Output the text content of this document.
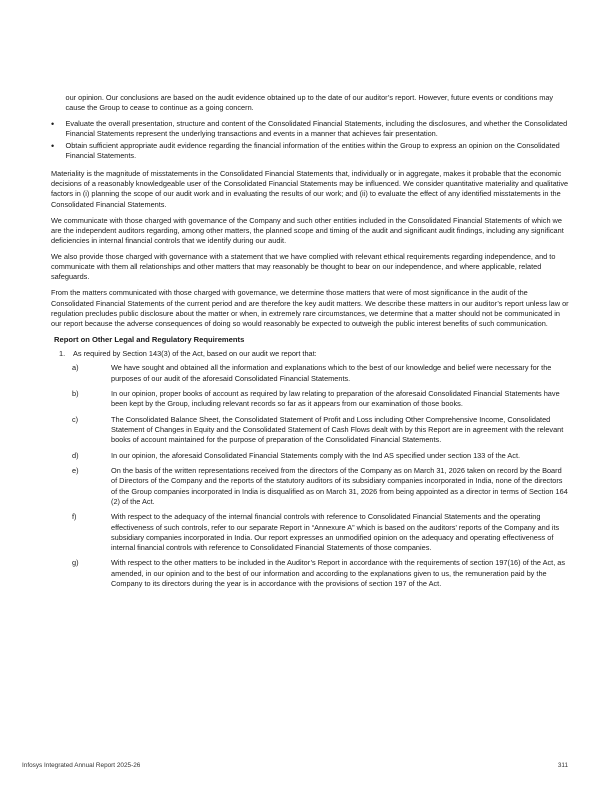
our opinion. Our conclusions are based on the audit evidence obtained up to the date of our auditor’s report. However, future events or conditions may cause the Group to cease to continue as a going concern.

• Evaluate the overall presentation, structure and content of the Consolidated Financial Statements, including the disclosures, and whether the Consolidated Financial Statements represent the underlying transactions and events in a manner that achieves fair presentation.
• Obtain sufficient appropriate audit evidence regarding the financial information of the entities within the Group to express an opinion on the Consolidated Financial Statements.

Materiality is the magnitude of misstatements in the Consolidated Financial Statements that, individually or in aggregate, makes it probable that the economic decisions of a reasonably knowledgeable user of the Consolidated Financial Statements may be influenced. We consider quantitative materiality and qualitative factors in (i) planning the scope of our audit work and in evaluating the results of our work; and (ii) to evaluate the effect of any identified misstatements in the Consolidated Financial Statements.

We communicate with those charged with governance of the Company and such other entities included in the Consolidated Financial Statements of which we are the independent auditors regarding, among other matters, the planned scope and timing of the audit and significant audit findings, including any significant deficiencies in internal financial controls that we identify during our audit.

We also provide those charged with governance with a statement that we have complied with relevant ethical requirements regarding independence, and to communicate with them all relationships and other matters that may reasonably be thought to bear on our independence, and where applicable, related safeguards.

From the matters communicated with those charged with governance, we determine those matters that were of most significance in the audit of the Consolidated Financial Statements of the current period and are therefore the key audit matters. We describe these matters in our auditor’s report unless law or regulation precludes public disclosure about the matter or when, in extremely rare circumstances, we determine that a matter should not be communicated in our report because the adverse consequences of doing so would reasonably be expected to outweigh the public interest benefits of such communication.

Report on Other Legal and Regulatory Requirements
1. As required by Section 143(3) of the Act, based on our audit we report that:
a)	We have sought and obtained all the information and explanations which to the best of our knowledge and belief were necessary for the purposes of our audit of the aforesaid Consolidated Financial Statements.
b)	In our opinion, proper books of account as required by law relating to preparation of the aforesaid Consolidated Financial Statements have been kept by the Group, including relevant records so far as it appears from our examination of those books.
c)	The Consolidated Balance Sheet, the Consolidated Statement of Profit and Loss including Other Comprehensive Income, Consolidated Statement of Changes in Equity and the Consolidated Statement of Cash Flows dealt with by this Report are in agreement with the relevant books of account maintained for the purpose of preparation of the Consolidated Financial Statements.
d)	In our opinion, the aforesaid Consolidated Financial Statements comply with the Ind AS specified under section 133 of the Act.
e)	On the basis of the written representations received from the directors of the Company as on March 31, 2026 taken on record by the Board of Directors of the Company and the reports of the statutory auditors of its subsidiary companies incorporated in India, none of the directors of the Group companies incorporated in India is disqualified as on March 31, 2026 from being appointed as a director in terms of Section 164 (2) of the Act.
f)	With respect to the adequacy of the internal financial controls with reference to Consolidated Financial Statements and the operating effectiveness of such controls, refer to our separate Report in “Annexure A” which is based on the auditors’ reports of the Company and its subsidiary companies incorporated in India. Our report expresses an unmodified opinion on the adequacy and operating effectiveness of internal financial controls with reference to Consolidated Financial Statements of those companies.
g)	With respect to the other matters to be included in the Auditor’s Report in accordance with the requirements of section 197(16) of the Act, as amended, in our opinion and to the best of our information and according to the explanations given to us, the remuneration paid by the Company to its directors during the year is in accordance with the provisions of section 197 of the Act.
Infosys Integrated Annual Report 2025-26	311
